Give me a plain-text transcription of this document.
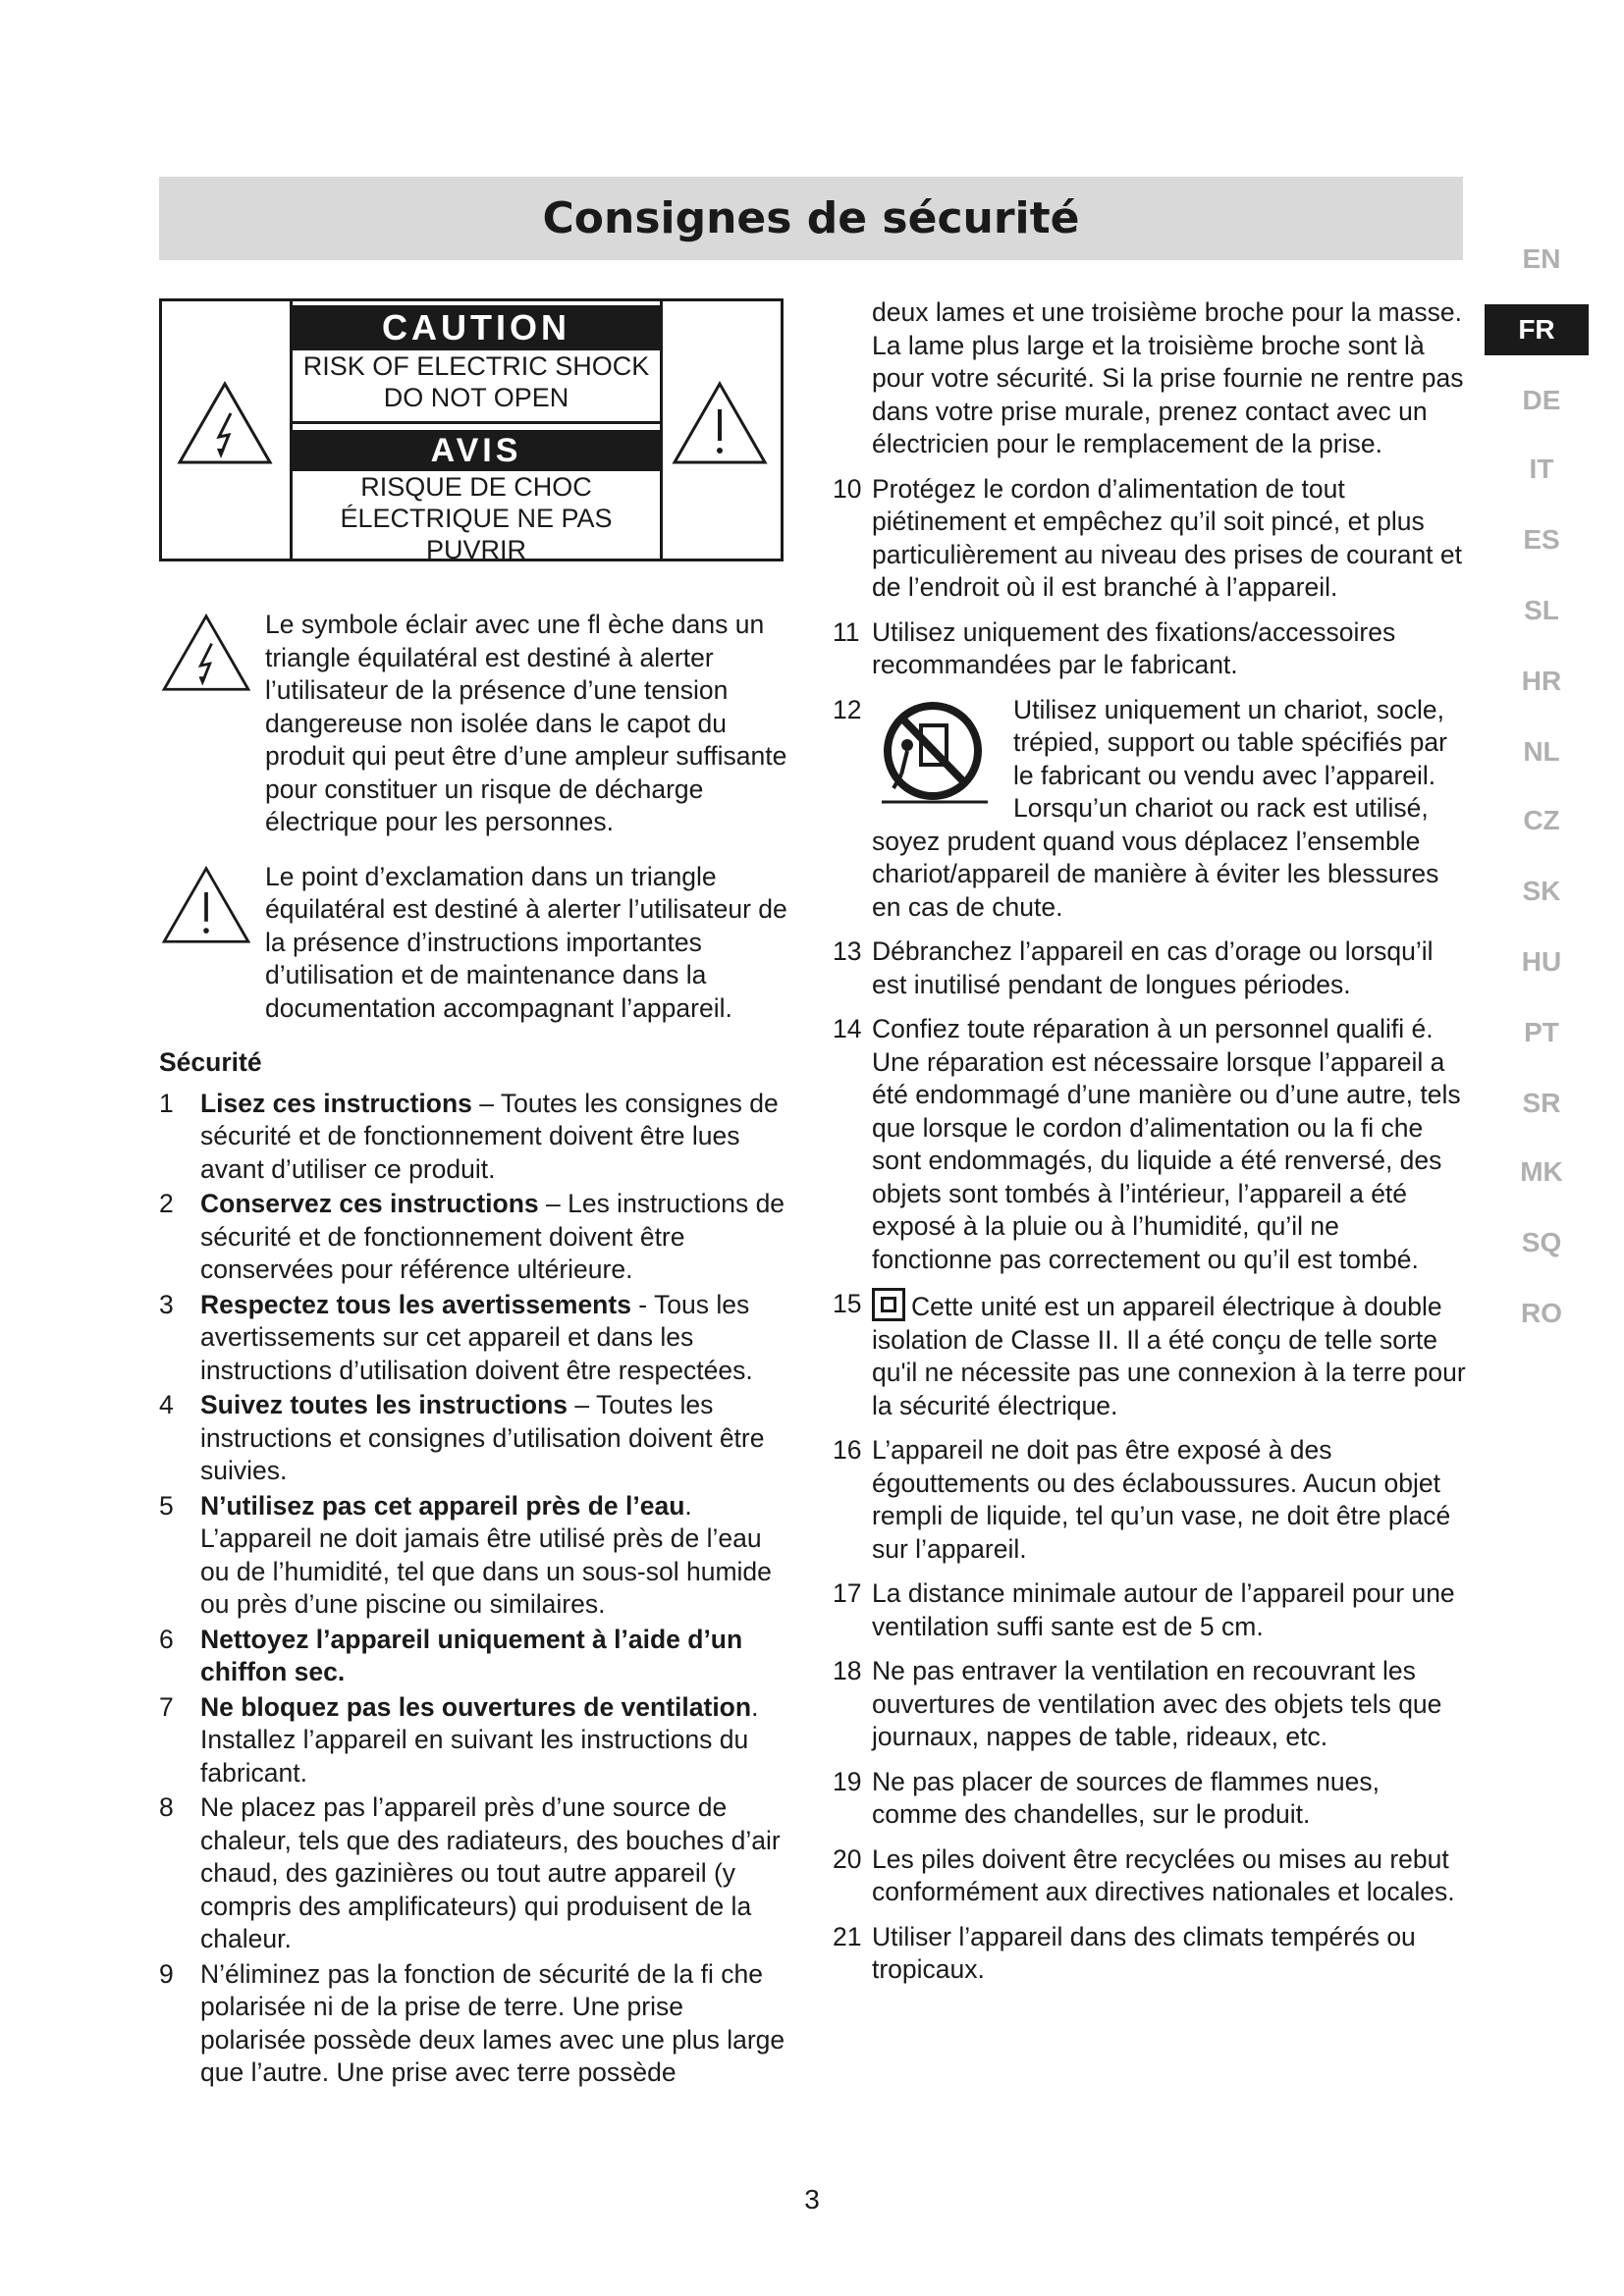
Consignes de sécurité
EN
FR
DE
IT
ES
SL
HR
NL
CZ
SK
HU
PT
SR
MK
SQ
RO
CAUTION
RISK OF ELECTRIC SHOCK
DO NOT OPEN
AVIS
RISQUE DE CHOC
ÉLECTRIQUE NE PAS PUVRIR
Le symbole éclair avec une fl èche dans un triangle équilatéral est destiné à alerter l’utilisateur de la présence d’une tension dangereuse non isolée dans le capot du produit qui peut être d’une ampleur suffisante pour constituer un risque de décharge électrique pour les personnes.
Le point d’exclamation dans un triangle équilatéral est destiné à alerter l’utilisateur de la présence d’instructions importantes d’utilisation et de maintenance dans la documentation accompagnant l’appareil.
Sécurité
1 Lisez ces instructions – Toutes les consignes de sécurité et de fonctionnement doivent être lues avant d’utiliser ce produit.
2 Conservez ces instructions – Les instructions de sécurité et de fonctionnement doivent être conservées pour référence ultérieure.
3 Respectez tous les avertissements - Tous les avertissements sur cet appareil et dans les instructions d’utilisation doivent être respectées.
4 Suivez toutes les instructions – Toutes les instructions et consignes d’utilisation doivent être suivies.
5 N’utilisez pas cet appareil près de l’eau. L’appareil ne doit jamais être utilisé près de l’eau ou de l’humidité, tel que dans un sous-sol humide ou près d’une piscine ou similaires.
6 Nettoyez l’appareil uniquement à l’aide d’un chiffon sec.
7 Ne bloquez pas les ouvertures de ventilation. Installez l’appareil en suivant les instructions du fabricant.
8 Ne placez pas l’appareil près d’une source de chaleur, tels que des radiateurs, des bouches d’air chaud, des gazinières ou tout autre appareil (y compris des amplificateurs) qui produisent de la chaleur.
9 N’éliminez pas la fonction de sécurité de la fi che polarisée ni de la prise de terre. Une prise polarisée possède deux lames avec une plus large que l’autre. Une prise avec terre possède
deux lames et une troisième broche pour la masse. La lame plus large et la troisième broche sont là pour votre sécurité. Si la prise fournie ne rentre pas dans votre prise murale, prenez contact avec un électricien pour le remplacement de la prise.
10 Protégez le cordon d’alimentation de tout piétinement et empêchez qu’il soit pincé, et plus particulièrement au niveau des prises de courant et de l’endroit où il est branché à l’appareil.
11 Utilisez uniquement des fixations/accessoires recommandées par le fabricant.
12	Utilisez uniquement un chariot, socle, trépied, support ou table spécifiés par le fabricant ou vendu avec l’appareil. Lorsqu’un chariot ou rack est utilisé, soyez prudent quand vous déplacez l’ensemble chariot/appareil de manière à éviter les blessures en cas de chute.
13 Débranchez l’appareil en cas d’orage ou lorsqu’il est inutilisé pendant de longues périodes.
14 Confiez toute réparation à un personnel qualifi é. Une réparation est nécessaire lorsque l’appareil a été endommagé d’une manière ou d’une autre, tels que lorsque le cordon d’alimentation ou la fi che sont endommagés, du liquide a été renversé, des objets sont tombés à l’intérieur, l’appareil a été exposé à la pluie ou à l’humidité, qu’il ne fonctionne pas correctement ou qu’il est tombé.
15 Cette unité est un appareil électrique à double isolation de Classe II. Il a été conçu de telle sorte qu'il ne nécessite pas une connexion à la terre pour la sécurité électrique.
16 L’appareil ne doit pas être exposé à des égouttements ou des éclaboussures. Aucun objet rempli de liquide, tel qu’un vase, ne doit être placé sur l’appareil.
17 La distance minimale autour de l’appareil pour une ventilation suffi sante est de 5 cm.
18 Ne pas entraver la ventilation en recouvrant les ouvertures de ventilation avec des objets tels que journaux, nappes de table, rideaux, etc.
19 Ne pas placer de sources de flammes nues, comme des chandelles, sur le produit.
20 Les piles doivent être recyclées ou mises au rebut conformément aux directives nationales et locales.
21 Utiliser l’appareil dans des climats tempérés ou tropicaux.
3
